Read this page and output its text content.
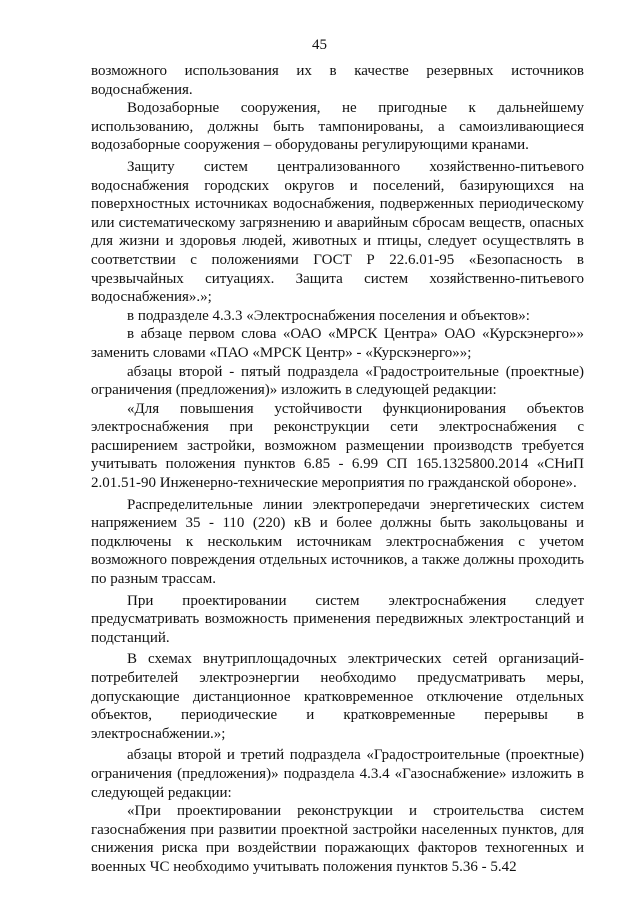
45

возможного использования их в качестве резервных источников водоснабжения.

Водозаборные сооружения, не пригодные к дальнейшему использованию, должны быть тампонированы, а самоизливающиеся водозаборные сооружения – оборудованы регулирующими кранами.

Защиту систем централизованного хозяйственно-питьевого водоснабжения городских округов и поселений, базирующихся на поверхностных источниках водоснабжения, подверженных периодическому или систематическому загрязнению и аварийным сбросам веществ, опасных для жизни и здоровья людей, животных и птицы, следует осуществлять в соответствии с положениями ГОСТ Р 22.6.01-95 «Безопасность в чрезвычайных ситуациях. Защита систем хозяйственно-питьевого водоснабжения».»;

в подразделе 4.3.3 «Электроснабжения поселения и объектов»:

в абзаце первом слова «ОАО «МРСК Центра» ОАО «Курскэнерго»» заменить словами «ПАО «МРСК Центр» - «Курскэнерго»»;

абзацы второй - пятый подраздела «Градостроительные (проектные) ограничения (предложения)» изложить в следующей редакции:

«Для повышения устойчивости функционирования объектов электроснабжения при реконструкции сети электроснабжения с расширением застройки, возможном размещении производств требуется учитывать положения пунктов 6.85 - 6.99 СП 165.1325800.2014 «СНиП 2.01.51-90 Инженерно-технические мероприятия по гражданской обороне».

Распределительные линии электропередачи энергетических систем напряжением 35 - 110 (220) кВ и более должны быть закольцованы и подключены к нескольким источникам электроснабжения с учетом возможного повреждения отдельных источников, а также должны проходить по разным трассам.

При проектировании систем электроснабжения следует предусматривать возможность применения передвижных электростанций и подстанций.

В схемах внутриплощадочных электрических сетей организаций-потребителей электроэнергии необходимо предусматривать меры, допускающие дистанционное кратковременное отключение отдельных объектов, периодические и кратковременные перерывы в электроснабжении.»;

абзацы второй и третий подраздела «Градостроительные (проектные) ограничения (предложения)» подраздела 4.3.4 «Газоснабжение» изложить в следующей редакции:

«При проектировании реконструкции и строительства систем газоснабжения при развитии проектной застройки населенных пунктов, для снижения риска при воздействии поражающих факторов техногенных и военных ЧС необходимо учитывать положения пунктов 5.36 - 5.42
